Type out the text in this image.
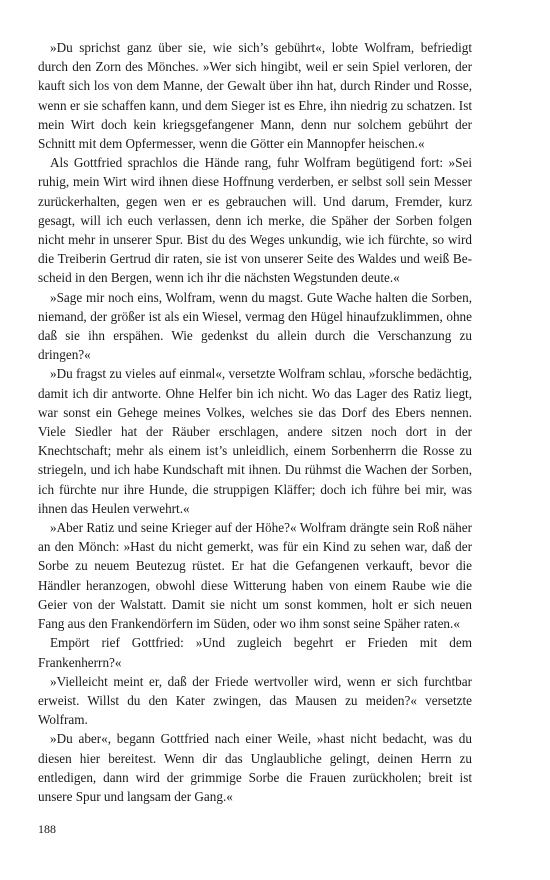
»Du sprichst ganz über sie, wie sich’s gebührt«, lobte Wolfram, befriedigt durch den Zorn des Mönches. »Wer sich hingibt, weil er sein Spiel verloren, der kauft sich los von dem Manne, der Gewalt über ihn hat, durch Rinder und Rosse, wenn er sie schaffen kann, und dem Sieger ist es Ehre, ihn niedrig zu schatzen. Ist mein Wirt doch kein kriegsgefangener Mann, denn nur solchem gebührt der Schnitt mit dem Opfermesser, wenn die Götter ein Mannopfer heischen.«

Als Gottfried sprachlos die Hände rang, fuhr Wolfram begütigend fort: »Sei ruhig, mein Wirt wird ihnen diese Hoffnung verderben, er selbst soll sein Messer zurückerhalten, gegen wen er es gebrauchen will. Und darum, Fremder, kurz gesagt, will ich euch verlassen, denn ich merke, die Späher der Sorben folgen nicht mehr in unserer Spur. Bist du des Weges unkundig, wie ich fürchte, so wird die Treiberin Gertrud dir raten, sie ist von unserer Seite des Waldes und weiß Bescheid in den Bergen, wenn ich ihr die nächsten Wegstunden deute.«

»Sage mir noch eins, Wolfram, wenn du magst. Gute Wache halten die Sorben, niemand, der größer ist als ein Wiesel, vermag den Hügel hinaufzuklimmen, ohne daß sie ihn erspähen. Wie gedenkst du allein durch die Verschanzung zu dringen?«

»Du fragst zu vieles auf einmal«, versetzte Wolfram schlau, »forsche bedächtig, damit ich dir antworte. Ohne Helfer bin ich nicht. Wo das Lager des Ratiz liegt, war sonst ein Gehege meines Volkes, welches sie das Dorf des Ebers nennen. Viele Siedler hat der Räuber erschlagen, andere sitzen noch dort in der Knechtschaft; mehr als einem ist’s unleidlich, einem Sorbenherrn die Rosse zu striegeln, und ich habe Kundschaft mit ihnen. Du rühmst die Wachen der Sorben, ich fürchte nur ihre Hunde, die struppigen Kläffer; doch ich führe bei mir, was ihnen das Heulen verwehrt.«

»Aber Ratiz und seine Krieger auf der Höhe?« Wolfram drängte sein Roß näher an den Mönch: »Hast du nicht gemerkt, was für ein Kind zu sehen war, daß der Sorbe zu neuem Beutezug rüstet. Er hat die Gefangenen verkauft, bevor die Händler heranzogen, obwohl diese Witterung haben von einem Raube wie die Geier von der Walstatt. Damit sie nicht um sonst kommen, holt er sich neuen Fang aus den Frankendörfern im Süden, oder wo ihm sonst seine Späher raten.«

Empört rief Gottfried: »Und zugleich begehrt er Frieden mit dem Frankenherrn?«

»Vielleicht meint er, daß der Friede wertvoller wird, wenn er sich furchtbar erweist. Willst du den Kater zwingen, das Mausen zu meiden?« versetzte Wolfram.

»Du aber«, begann Gottfried nach einer Weile, »hast nicht bedacht, was du diesen hier bereitest. Wenn dir das Unglaubliche gelingt, deinen Herrn zu entledigen, dann wird der grimmige Sorbe die Frauen zurückholen; breit ist unsere Spur und langsam der Gang.«

188
